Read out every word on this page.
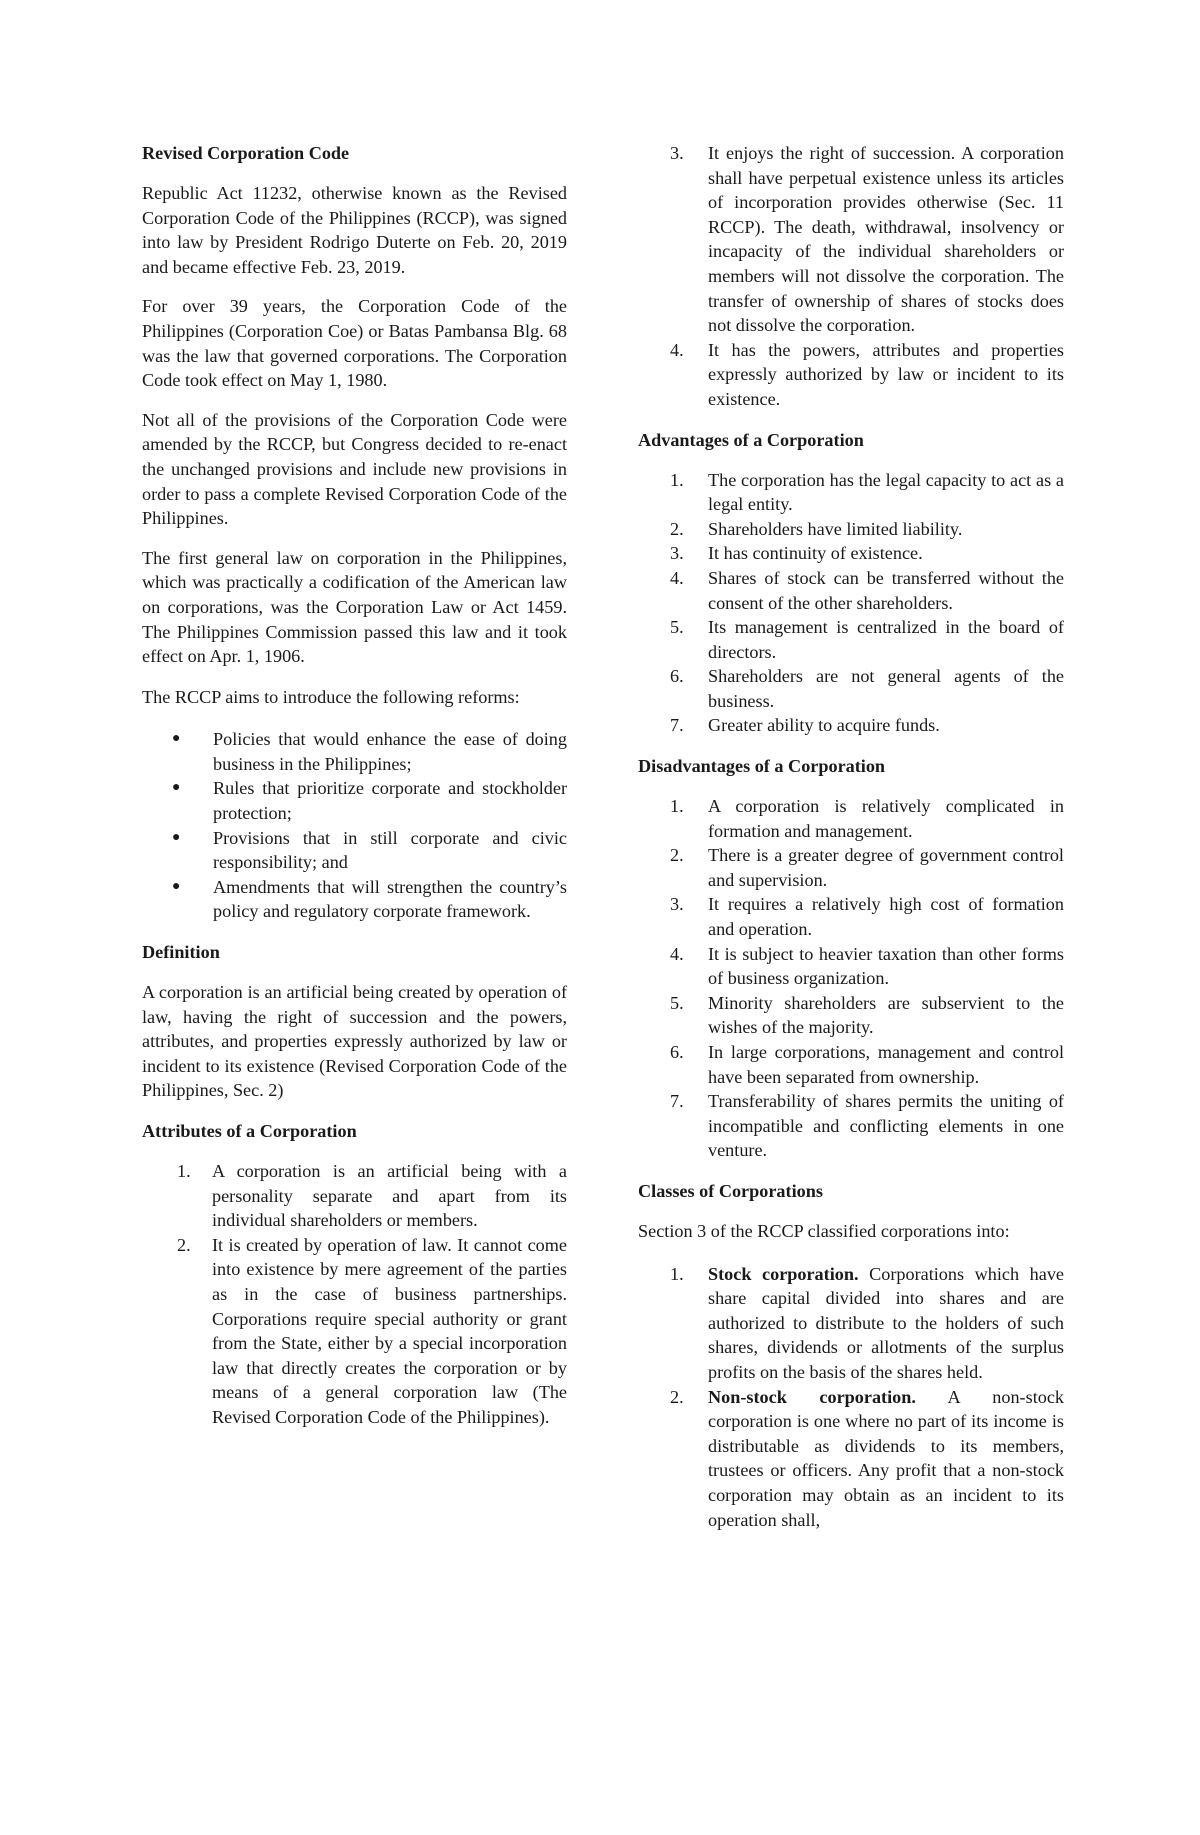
Revised Corporation Code

Republic Act 11232, otherwise known as the Revised Corporation Code of the Philippines (RCCP), was signed into law by President Rodrigo Duterte on Feb. 20, 2019 and became effective Feb. 23, 2019.

For over 39 years, the Corporation Code of the Philippines (Corporation Coe) or Batas Pambansa Blg. 68 was the law that governed corporations. The Corporation Code took effect on May 1, 1980.

Not all of the provisions of the Corporation Code were amended by the RCCP, but Congress decided to re-enact the unchanged provisions and include new provisions in order to pass a complete Revised Corporation Code of the Philippines.

The first general law on corporation in the Philippines, which was practically a codification of the American law on corporations, was the Corporation Law or Act 1459. The Philippines Commission passed this law and it took effect on Apr. 1, 1906.

The RCCP aims to introduce the following reforms:

● Policies that would enhance the ease of doing business in the Philippines;
● Rules that prioritize corporate and stockholder protection;
● Provisions that in still corporate and civic responsibility; and
● Amendments that will strengthen the country’s policy and regulatory corporate framework.
Definition

A corporation is an artificial being created by operation of law, having the right of succession and the powers, attributes, and properties expressly authorized by law or incident to its existence (Revised Corporation Code of the Philippines, Sec. 2)

Attributes of a Corporation
1.	A corporation is an artificial being with a personality separate and apart from its individual shareholders or members.
2.	It is created by operation of law. It cannot come into existence by mere agreement of the parties as in the case of business partnerships. Corporations require special authority or grant from the State, either by a special incorporation law that directly creates the corporation or by means of a general corporation law (The Revised Corporation Code of the Philippines).
3.	It enjoys the right of succession. A corporation shall have perpetual existence unless its articles of incorporation provides otherwise (Sec. 11 RCCP). The death, withdrawal, insolvency or incapacity of the individual shareholders or members will not dissolve the corporation. The transfer of ownership of shares of stocks does not dissolve the corporation.
4.	It has the powers, attributes and properties expressly authorized by law or incident to its existence.
Advantages of a Corporation
1.	The corporation has the legal capacity to act as a legal entity.
2.	Shareholders have limited liability.
3.	It has continuity of existence.
4.	Shares of stock can be transferred without the consent of the other shareholders.
5.	Its management is centralized in the board of directors.
6.	Shareholders are not general agents of the business.
7.	Greater ability to acquire funds.
Disadvantages of a Corporation
1.	A corporation is relatively complicated in formation and management.
2.	There is a greater degree of government control and supervision.
3.	It requires a relatively high cost of formation and operation.
4.	It is subject to heavier taxation than other forms of business organization.
5.	Minority shareholders are subservient to the wishes of the majority.
6.	In large corporations, management and control have been separated from ownership.
7.	Transferability of shares permits the uniting of incompatible and conflicting elements in one venture.
Classes of Corporations

Section 3 of the RCCP classified corporations into:

1.	Stock corporation. Corporations which have share capital divided into shares and are authorized to distribute to the holders of such shares, dividends or allotments of the surplus profits on the basis of the shares held.
2.	Non-stock corporation. A non-stock corporation is one where no part of its income is distributable as dividends to its members, trustees or officers. Any profit that a non-stock corporation may obtain as an incident to its operation shall,
